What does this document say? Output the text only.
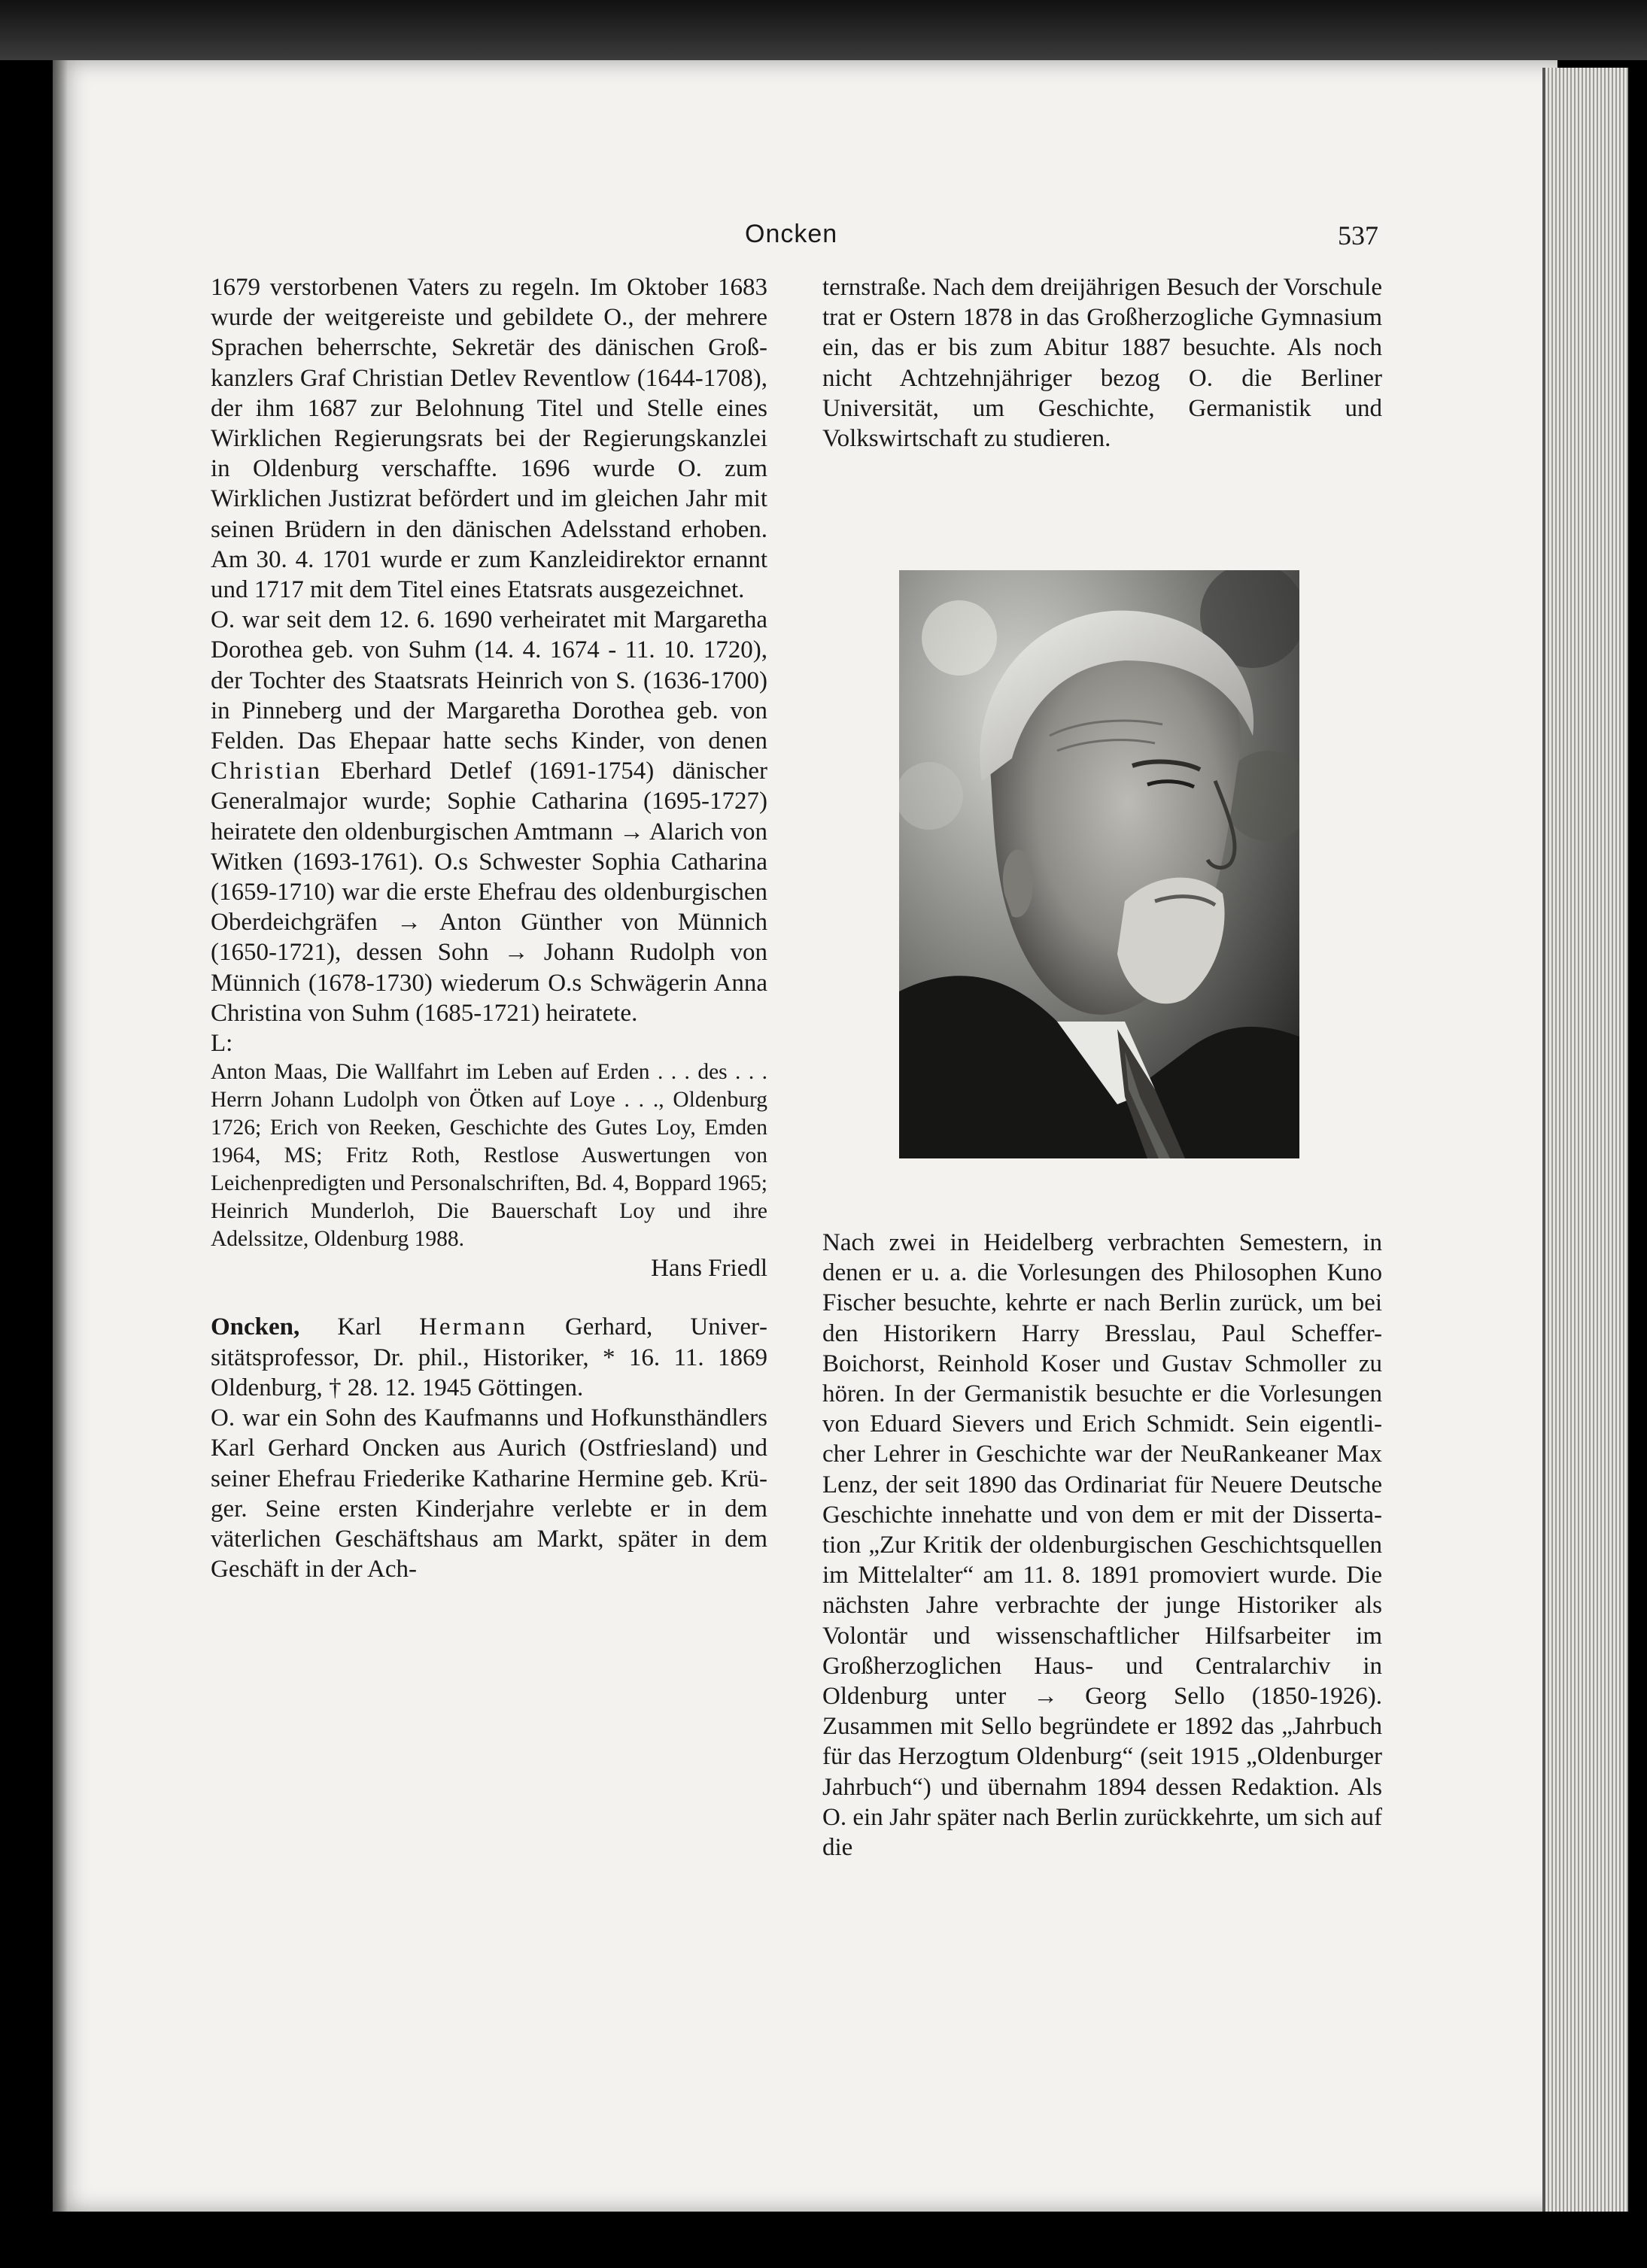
Oncken	537

1679 verstorbenen Vaters zu regeln. Im Oktober 1683 wurde der weitgereiste und gebildete O., der mehrere Sprachen beherrschte, Sekretär des dänischen Großkanzlers Graf Christian Detlev Reventlow (1644-1708), der ihm 1687 zur Belohnung Titel und Stelle eines Wirklichen Regierungsrats bei der Regierungskanzlei in Oldenburg verschaffte. 1696 wurde O. zum Wirklichen Justizrat befördert und im gleichen Jahr mit seinen Brüdern in den dänischen Adelsstand erhoben. Am 30. 4. 1701 wurde er zum Kanzleidirektor ernannt und 1717 mit dem Titel eines Etatsrats ausgezeichnet.

O. war seit dem 12. 6. 1690 verheiratet mit Margaretha Dorothea geb. von Suhm (14. 4. 1674 - 11. 10. 1720), der Tochter des Staatsrats Heinrich von S. (1636-1700) in Pinneberg und der Margaretha Dorothea geb. von Felden. Das Ehepaar hatte sechs Kinder, von denen Christian Eberhard Detlef (1691-1754) dänischer Generalmajor wurde; Sophie Catharina (1695-1727) heiratete den oldenburgischen Amtmann → Alarich von Witken (1693-1761). O.s Schwester Sophia Catharina (1659-1710) war die erste Ehefrau des oldenburgischen Oberdeichgräfen → Anton Günther von Münnich (1650-1721), dessen Sohn → Johann Rudolph von Münnich (1678-1730) wiederum O.s Schwägerin Anna Christina von Suhm (1685-1721) heiratete.

L:

Anton Maas, Die Wallfahrt im Leben auf Erden . . . des . . . Herrn Johann Ludolph von Ötken auf Loye . . ., Oldenburg 1726; Erich von Reeken, Geschichte des Gutes Loy, Emden 1964, MS; Fritz Roth, Restlose Auswertungen von Leichenpredigten und Personalschriften, Bd. 4, Boppard 1965; Heinrich Munderloh, Die Bauerschaft Loy und ihre Adelssitze, Oldenburg 1988.

Hans Friedl

Oncken, Karl Hermann Gerhard, Universitätsprofessor, Dr. phil., Historiker, * 16. 11. 1869 Oldenburg, † 28. 12. 1945 Göttingen.

O. war ein Sohn des Kaufmanns und Hofkunsthändlers Karl Gerhard Oncken aus Aurich (Ostfriesland) und seiner Ehefrau Friederike Katharine Hermine geb. Krüger. Seine ersten Kinderjahre verlebte er in dem väterlichen Geschäftshaus am Markt, später in dem Geschäft in der Ach-

ternstraße. Nach dem dreijährigen Besuch der Vorschule trat er Ostern 1878 in das Großherzogliche Gymnasium ein, das er bis zum Abitur 1887 besuchte. Als noch nicht Achtzehnjähriger bezog O. die Berliner Universität, um Geschichte, Germanistik und Volkswirtschaft zu studieren.

Nach zwei in Heidelberg verbrachten Semestern, in denen er u. a. die Vorlesungen des Philosophen Kuno Fischer besuchte, kehrte er nach Berlin zurück, um bei den Historikern Harry Bresslau, Paul Scheffer-Boichorst, Reinhold Koser und Gustav Schmoller zu hören. In der Germanistik besuchte er die Vorlesungen von Eduard Sievers und Erich Schmidt. Sein eigentlicher Lehrer in Geschichte war der NeuRankeaner Max Lenz, der seit 1890 das Ordinariat für Neuere Deutsche Geschichte innehatte und von dem er mit der Dissertation „Zur Kritik der oldenburgischen Geschichtsquellen im Mittelalter“ am 11. 8. 1891 promoviert wurde. Die nächsten Jahre verbrachte der junge Historiker als Volontär und wissenschaftlicher Hilfsarbeiter im Großherzoglichen Haus- und Centralarchiv in Oldenburg unter → Georg Sello (1850-1926). Zusammen mit Sello begründete er 1892 das „Jahrbuch für das Herzogtum Oldenburg“ (seit 1915 „Oldenburger Jahrbuch“) und übernahm 1894 dessen Redaktion. Als O. ein Jahr später nach Berlin zurückkehrte, um sich auf die
